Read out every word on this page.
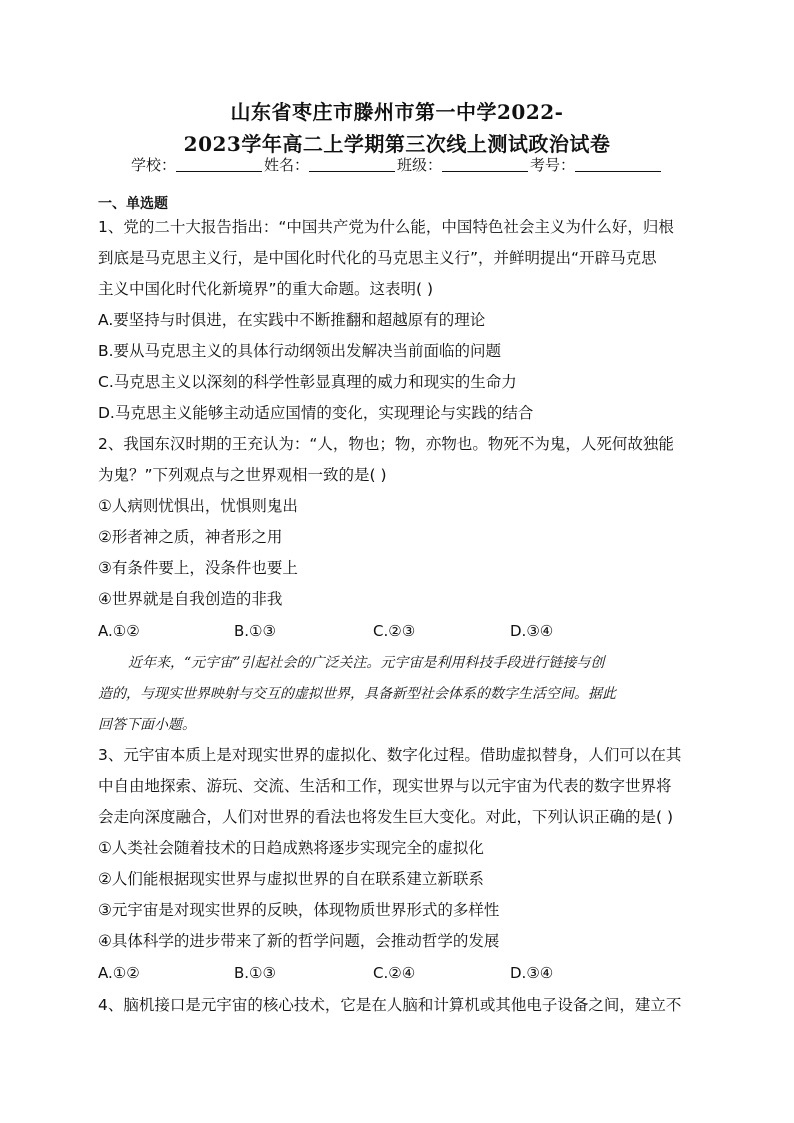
山东省枣庄市滕州市第一中学2022-
2023学年高二上学期第三次线上测试政治试卷
学校：	姓名：	班级：	考号：
一、单选题
1、党的二十大报告指出：“中国共产党为什么能，中国特色社会主义为什么好，归根
到底是马克思主义行，是中国化时代化的马克思主义行”，并鲜明提出“开辟马克思
主义中国化时代化新境界”的重大命题。这表明( )
A.要坚持与时俱进，在实践中不断推翻和超越原有的理论
B.要从马克思主义的具体行动纲领出发解决当前面临的问题
C.马克思主义以深刻的科学性彰显真理的威力和现实的生命力
D.马克思主义能够主动适应国情的变化，实现理论与实践的结合
2、我国东汉时期的王充认为：“人，物也；物，亦物也。物死不为鬼，人死何故独能
为鬼？”下列观点与之世界观相一致的是( )
①人病则忧惧出，忧惧则鬼出
②形者神之质，神者形之用
③有条件要上，没条件也要上
④世界就是自我创造的非我
A.①②	B.①③	C.②③	D.③④
近年来，“元宇宙”引起社会的广泛关注。元宇宙是利用科技手段进行链接与创
造的，与现实世界映射与交互的虚拟世界，具备新型社会体系的数字生活空间。据此
回答下面小题。
3、元宇宙本质上是对现实世界的虚拟化、数字化过程。借助虚拟替身，人们可以在其
中自由地探索、游玩、交流、生活和工作，现实世界与以元宇宙为代表的数字世界将
会走向深度融合，人们对世界的看法也将发生巨大变化。对此，下列认识正确的是( )
①人类社会随着技术的日趋成熟将逐步实现完全的虚拟化
②人们能根据现实世界与虚拟世界的自在联系建立新联系
③元宇宙是对现实世界的反映，体现物质世界形式的多样性
④具体科学的进步带来了新的哲学问题，会推动哲学的发展
A.①②	B.①③	C.②④	D.③④
4、脑机接口是元宇宙的核心技术，它是在人脑和计算机或其他电子设备之间，建立不
